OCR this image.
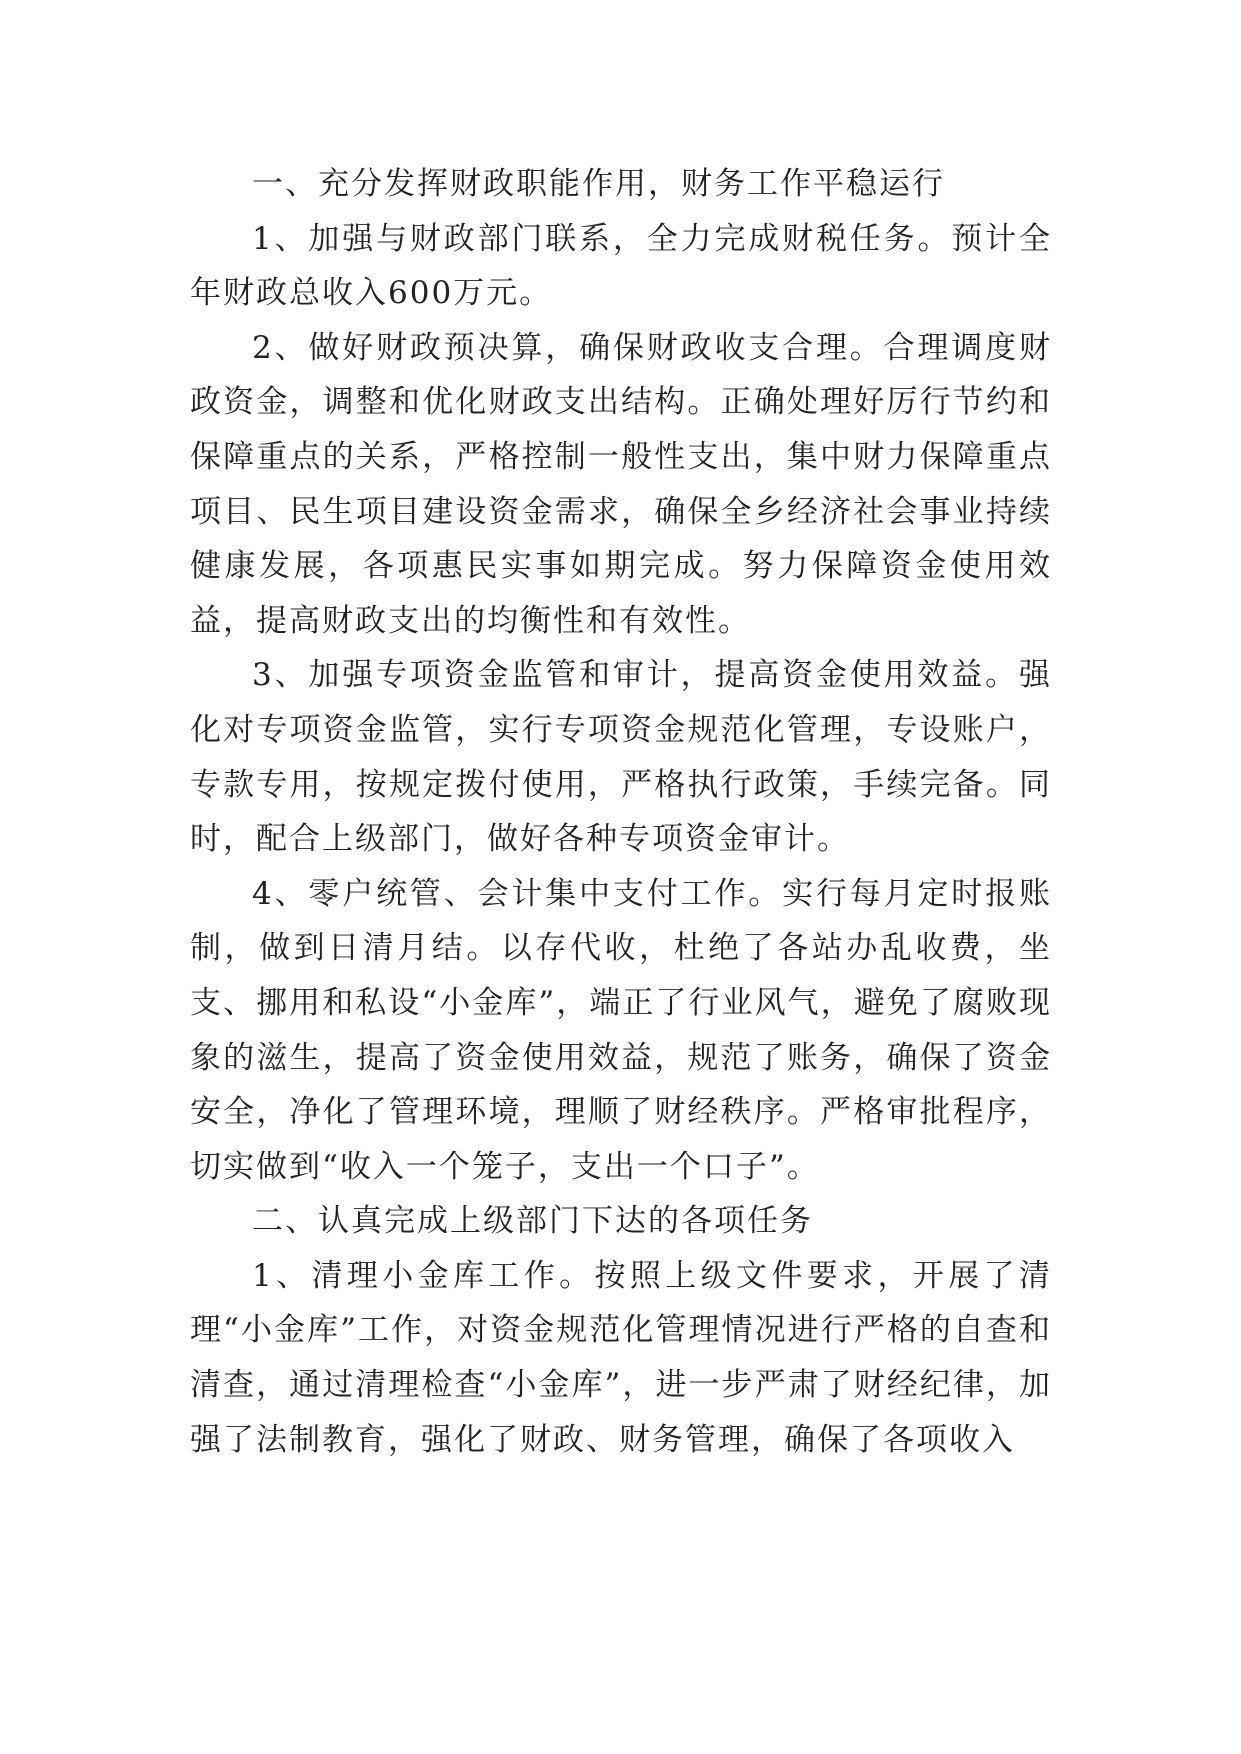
一、充分发挥财政职能作用，财务工作平稳运行

1、加强与财政部门联系，全力完成财税任务。预计全年财政总收入600万元。

2、做好财政预决算，确保财政收支合理。合理调度财政资金，调整和优化财政支出结构。正确处理好厉行节约和保障重点的关系，严格控制一般性支出，集中财力保障重点项目、民生项目建设资金需求，确保全乡经济社会事业持续健康发展，各项惠民实事如期完成。努力保障资金使用效益，提高财政支出的均衡性和有效性。

3、加强专项资金监管和审计，提高资金使用效益。强化对专项资金监管，实行专项资金规范化管理，专设账户，专款专用，按规定拨付使用，严格执行政策，手续完备。同时，配合上级部门，做好各种专项资金审计。

4、零户统管、会计集中支付工作。实行每月定时报账制，做到日清月结。以存代收，杜绝了各站办乱收费，坐支、挪用和私设“小金库”，端正了行业风气，避免了腐败现象的滋生，提高了资金使用效益，规范了账务，确保了资金安全，净化了管理环境，理顺了财经秩序。严格审批程序，切实做到“收入一个笼子，支出一个口子”。

二、认真完成上级部门下达的各项任务

1、清理小金库工作。按照上级文件要求，开展了清理“小金库”工作，对资金规范化管理情况进行严格的自查和清查，通过清理检查“小金库”，进一步严肃了财经纪律，加强了法制教育，强化了财政、财务管理，确保了各项收入
